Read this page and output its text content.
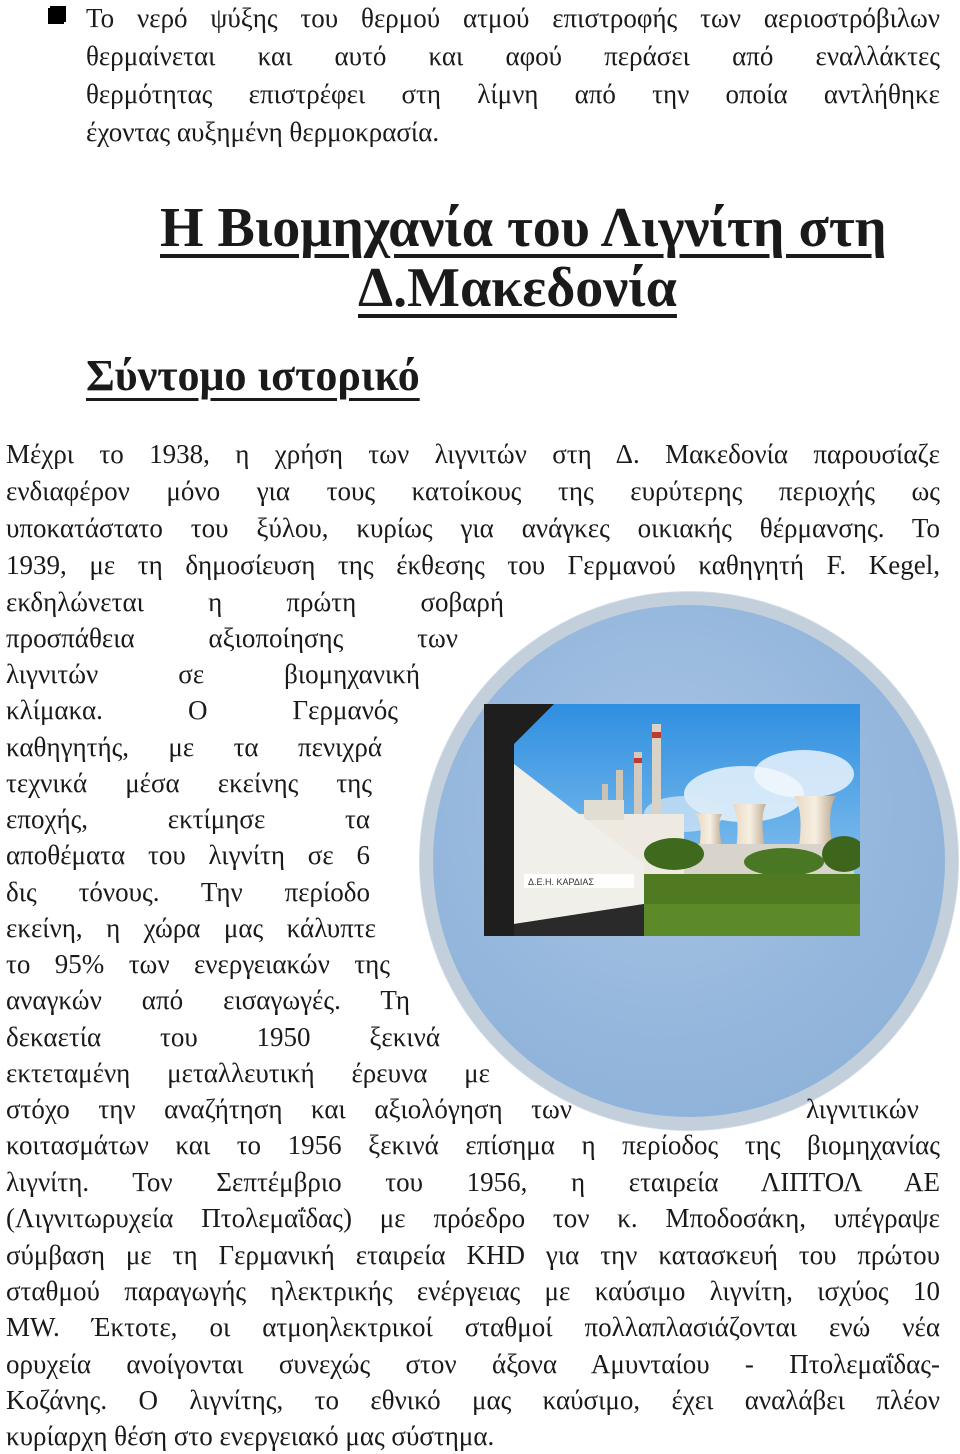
Το νερό ψύξης του θερμού ατμού επιστροφής των αεριοστρόβιλων
θερμαίνεται και αυτό και αφού περάσει από εναλλάκτες
θερμότητας επιστρέφει στη λίμνη από την οποία αντλήθηκε
έχοντας αυξημένη θερμοκρασία.
Η Βιομηχανία του Λιγνίτη στη
Δ.Μακεδονία
Σύντομο ιστορικό
Δ.Ε.Η. ΚΑΡΔΙΑΣ
Μέχρι το 1938, η χρήση των λιγνιτών στη Δ. Μακεδονία παρουσίαζε
ενδιαφέρον μόνο για τους κατοίκους της ευρύτερης περιοχής ως
υποκατάστατο του ξύλου, κυρίως για ανάγκες οικιακής θέρμανσης. Το
1939, με τη δημοσίευση της έκθεσης του Γερμανού καθηγητή F. Kegel,
εκδηλώνεται η πρώτη σοβαρή
προσπάθεια αξιοποίησης των
λιγνιτών σε βιομηχανική
κλίμακα. Ο Γερμανός
καθηγητής, με τα πενιχρά
τεχνικά μέσα εκείνης της
εποχής, εκτίμησε τα
αποθέματα του λιγνίτη σε 6
δις τόνους. Την περίοδο
εκείνη, η χώρα μας κάλυπτε
το 95% των ενεργειακών της
αναγκών από εισαγωγές. Τη
δεκαετία του 1950 ξεκινά
εκτεταμένη μεταλλευτική έρευνα με
στόχο την αναζήτηση και αξιολόγηση των	λιγνιτικών
κοιτασμάτων και το 1956 ξεκινά επίσημα η περίοδος της βιομηχανίας
λιγνίτη. Τον Σεπτέμβριο του 1956, η εταιρεία ΛΙΠΤΟΛ ΑΕ
(Λιγνιτωρυχεία Πτολεμαΐδας) με πρόεδρο τον κ. Μποδοσάκη, υπέγραψε
σύμβαση με τη Γερμανική εταιρεία KHD για την κατασκευή του πρώτου
σταθμού παραγωγής ηλεκτρικής ενέργειας με καύσιμο λιγνίτη, ισχύος 10
MW. Έκτοτε, οι ατμοηλεκτρικοί σταθμοί πολλαπλασιάζονται ενώ νέα
ορυχεία ανοίγονται συνεχώς στον άξονα Αμυνταίου - Πτολεμαΐδας-
Κοζάνης. Ο λιγνίτης, το εθνικό μας καύσιμο, έχει αναλάβει πλέον
κυρίαρχη θέση στο ενεργειακό μας σύστημα.
